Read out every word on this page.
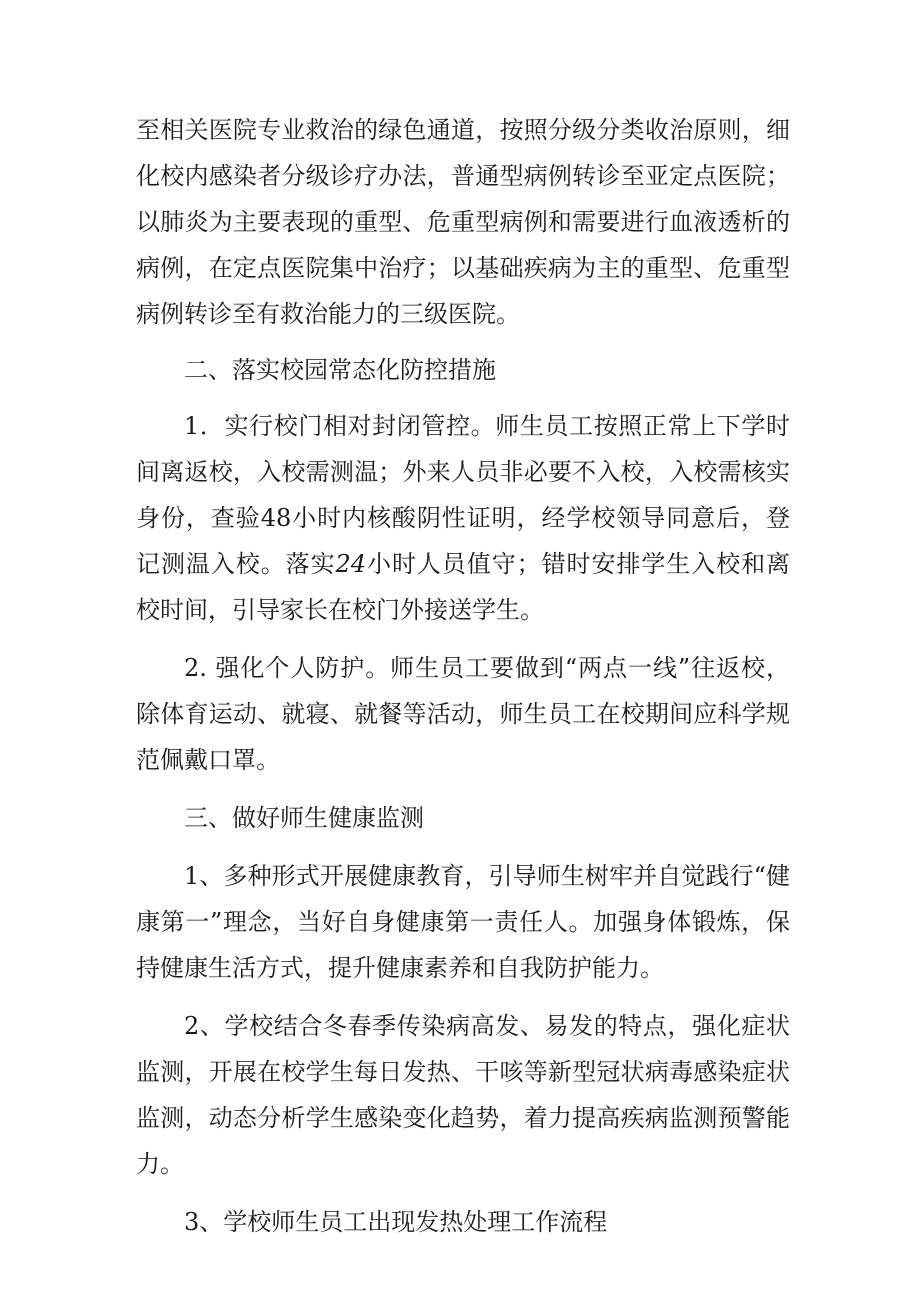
至相关医院专业救治的绿色通道，按照分级分类收治原则，细化校内感染者分级诊疗办法，普通型病例转诊至亚定点医院；以肺炎为主要表现的重型、危重型病例和需要进行血液透析的病例，在定点医院集中治疗；以基础疾病为主的重型、危重型病例转诊至有救治能力的三级医院。

二、落实校园常态化防控措施

1．实行校门相对封闭管控。师生员工按照正常上下学时间离返校，入校需测温；外来人员非必要不入校，入校需核实身份，查验48小时内核酸阴性证明，经学校领导同意后，登记测温入校。落实24小时人员值守；错时安排学生入校和离校时间，引导家长在校门外接送学生。

2. 强化个人防护。师生员工要做到“两点一线”往返校，除体育运动、就寝、就餐等活动，师生员工在校期间应科学规范佩戴口罩。

三、做好师生健康监测

1、多种形式开展健康教育，引导师生树牢并自觉践行“健康第一”理念，当好自身健康第一责任人。加强身体锻炼，保持健康生活方式，提升健康素养和自我防护能力。

2、学校结合冬春季传染病高发、易发的特点，强化症状监测，开展在校学生每日发热、干咳等新型冠状病毒感染症状监测，动态分析学生感染变化趋势，着力提高疾病监测预警能力。

3、学校师生员工出现发热处理工作流程
